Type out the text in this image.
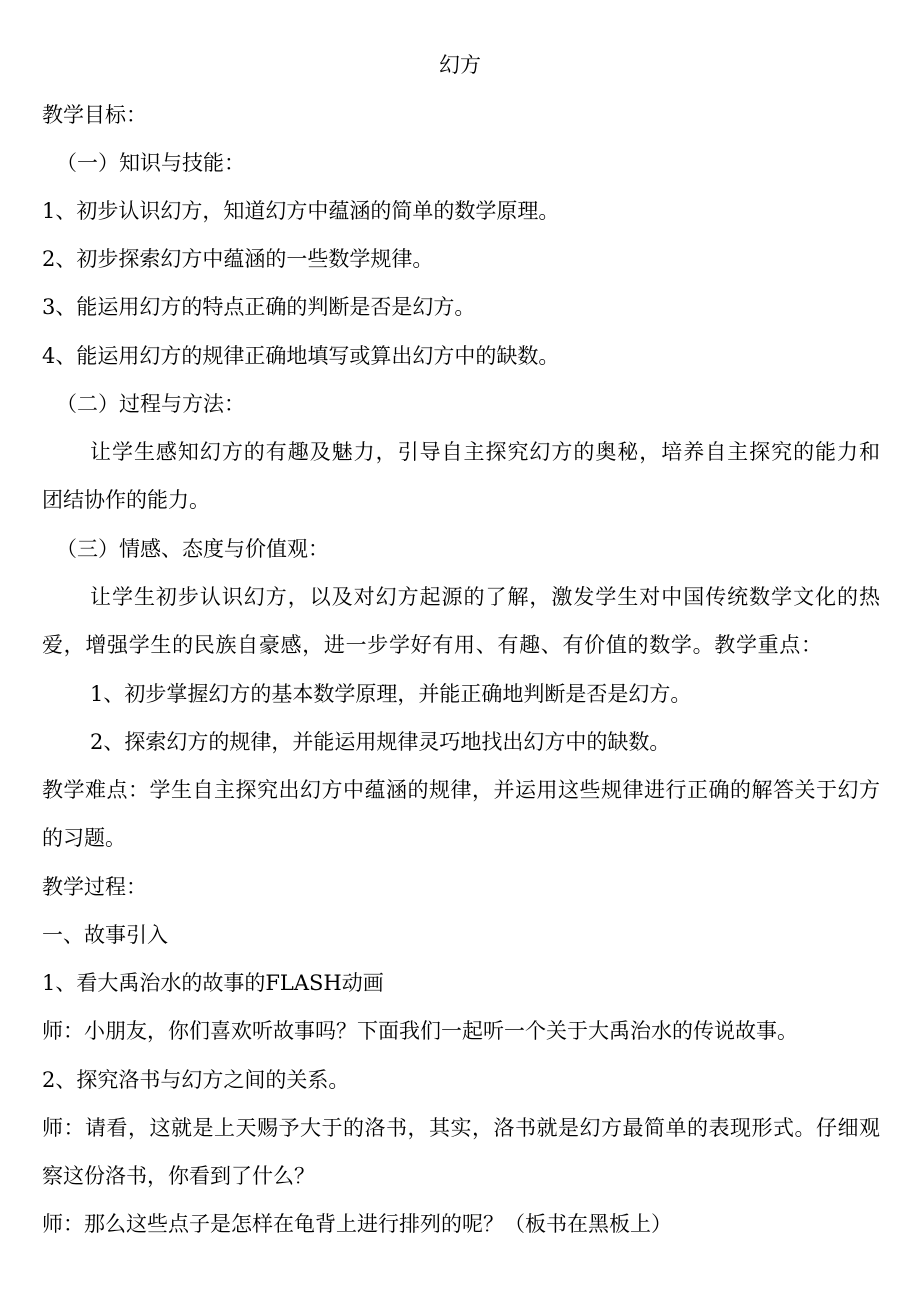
幻方
教学目标：
（一）知识与技能：
1、初步认识幻方，知道幻方中蕴涵的简单的数学原理。
2、初步探索幻方中蕴涵的一些数学规律。
3、能运用幻方的特点正确的判断是否是幻方。
4、能运用幻方的规律正确地填写或算出幻方中的缺数。
（二）过程与方法：
让学生感知幻方的有趣及魅力，引导自主探究幻方的奥秘，培养自主探究的能力和
团结协作的能力。
（三）情感、态度与价值观：
让学生初步认识幻方，以及对幻方起源的了解，激发学生对中国传统数学文化的热
爱，增强学生的民族自豪感，进一步学好有用、有趣、有价值的数学。教学重点：
1、初步掌握幻方的基本数学原理，并能正确地判断是否是幻方。
2、探索幻方的规律，并能运用规律灵巧地找出幻方中的缺数。
教学难点：学生自主探究出幻方中蕴涵的规律，并运用这些规律进行正确的解答关于幻方
的习题。
教学过程：
一、故事引入
1、看大禹治水的故事的FLASH动画
师：小朋友，你们喜欢听故事吗？下面我们一起听一个关于大禹治水的传说故事。
2、探究洛书与幻方之间的关系。
师：请看，这就是上天赐予大于的洛书，其实，洛书就是幻方最简单的表现形式。仔细观
察这份洛书，你看到了什么？
师：那么这些点子是怎样在龟背上进行排列的呢？（板书在黑板上）
